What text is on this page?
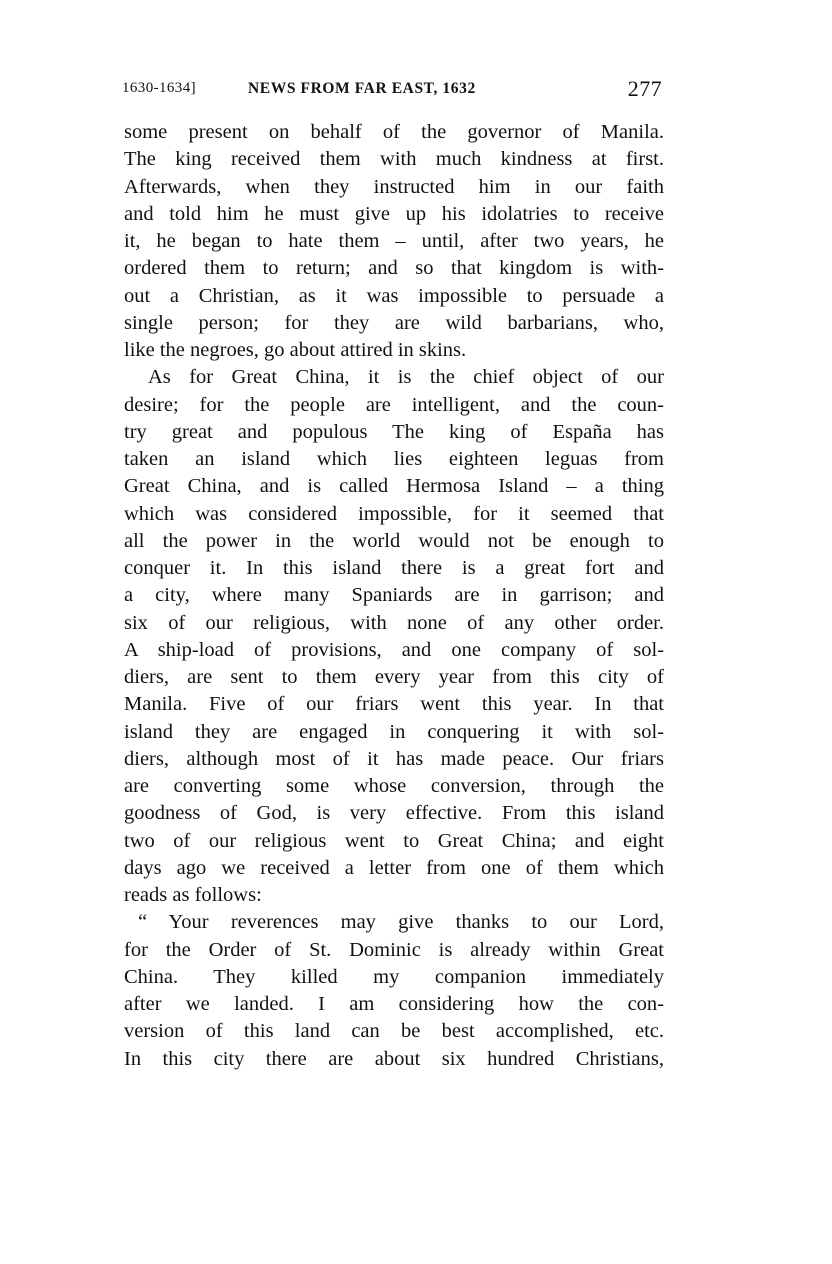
1630-1634]	NEWS FROM FAR EAST, 1632	277
some present on behalf of the governor of Manila.
The king received them with much kindness at first.
Afterwards, when they instructed him in our faith
and told him he must give up his idolatries to receive
it, he began to hate them – until, after two years, he
ordered them to return; and so that kingdom is with-
out a Christian, as it was impossible to persuade a
single person; for they are wild barbarians, who,
like the negroes, go about attired in skins.
As for Great China, it is the chief object of our
desire; for the people are intelligent, and the coun-
try great and populous The king of España has
taken an island which lies eighteen leguas from
Great China, and is called Hermosa Island – a thing
which was considered impossible, for it seemed that
all the power in the world would not be enough to
conquer it. In this island there is a great fort and
a city, where many Spaniards are in garrison; and
six of our religious, with none of any other order.
A ship-load of provisions, and one company of sol-
diers, are sent to them every year from this city of
Manila. Five of our friars went this year. In that
island they are engaged in conquering it with sol-
diers, although most of it has made peace. Our friars
are converting some whose conversion, through the
goodness of God, is very effective. From this island
two of our religious went to Great China; and eight
days ago we received a letter from one of them which
reads as follows:
“ Your reverences may give thanks to our Lord,
for the Order of St. Dominic is already within Great
China. They killed my companion immediately
after we landed. I am considering how the con-
version of this land can be best accomplished, etc.
In this city there are about six hundred Christians,
